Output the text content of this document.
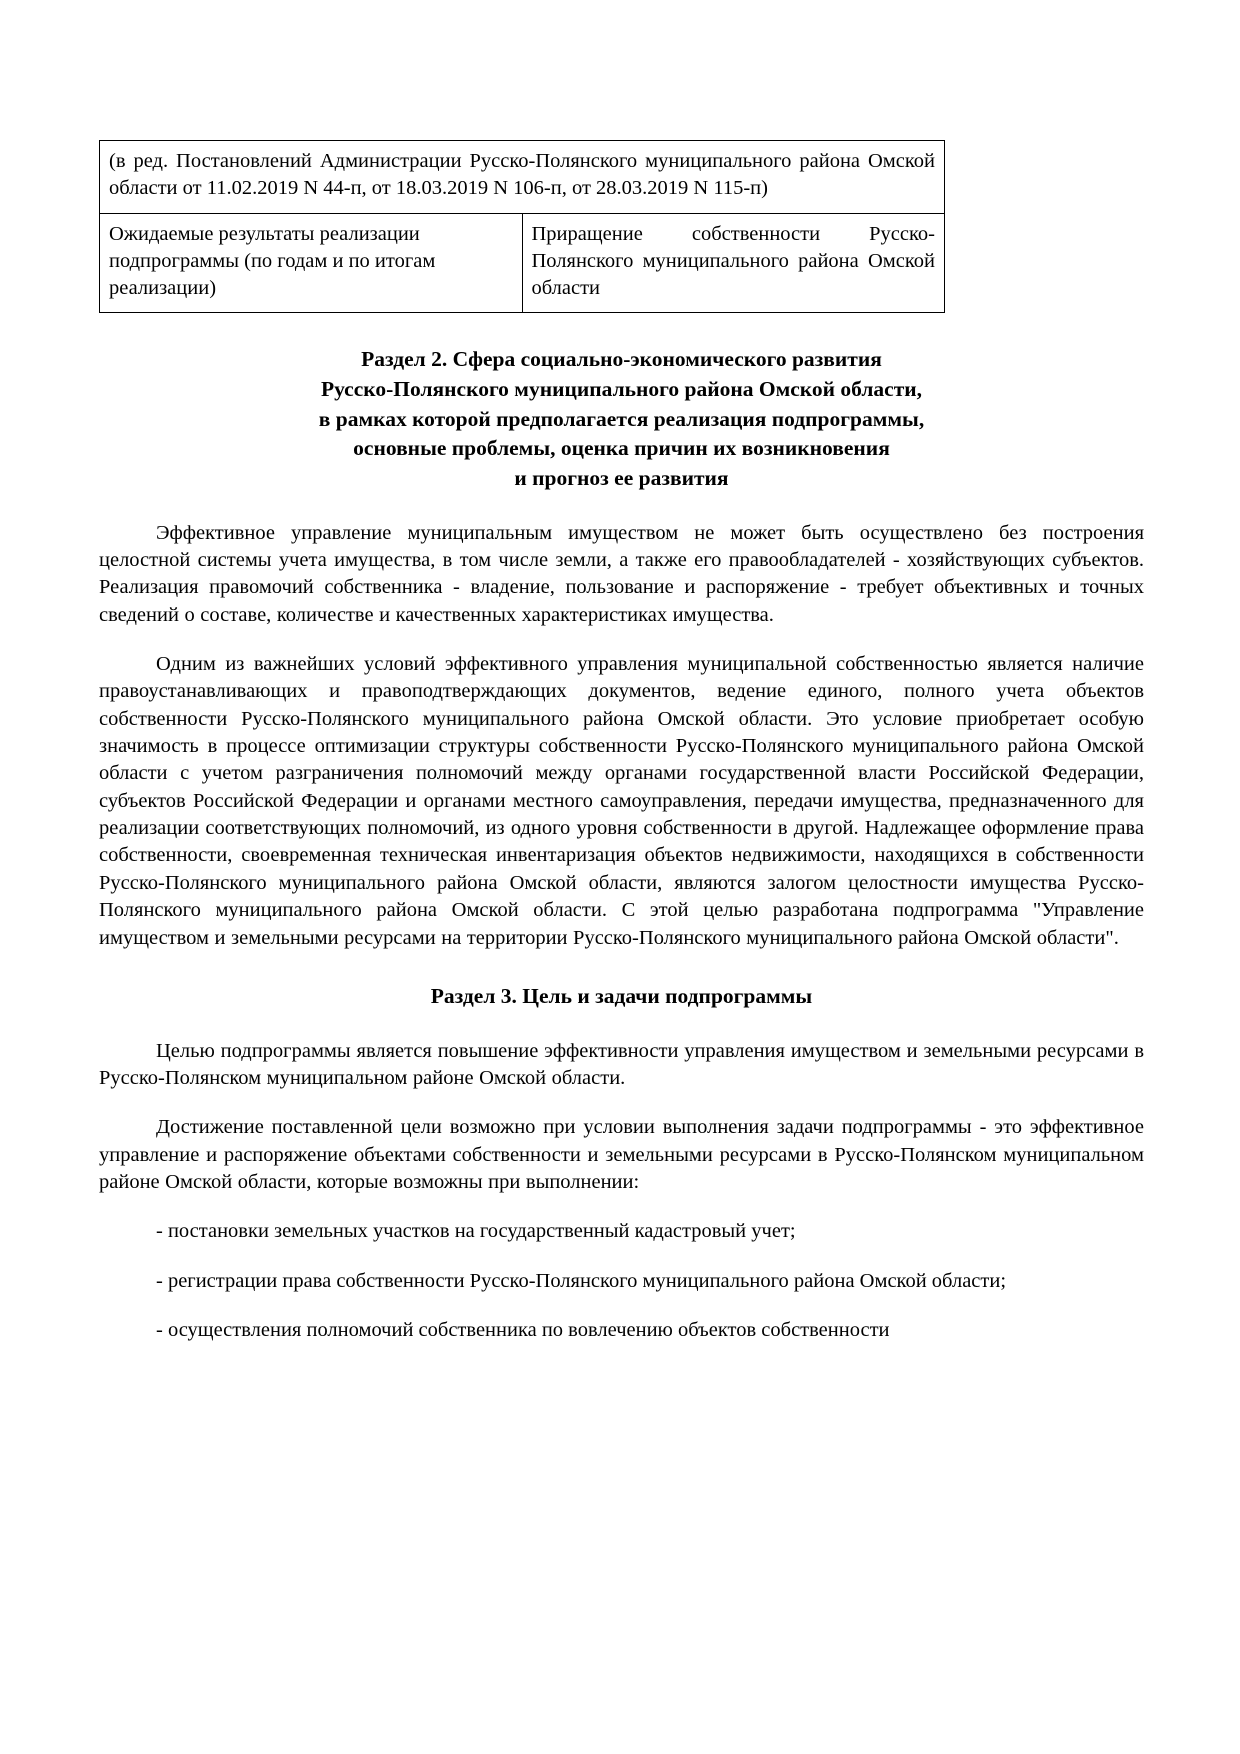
(в ред. Постановлений Администрации Русско-Полянского муниципального района Омской области от 11.02.2019 N 44-п, от 18.03.2019 N 106-п, от 28.03.2019 N 115-п)
Ожидаемые результаты реализации подпрограммы (по годам и по итогам реализации)	Приращение собственности Русско-Полянского муниципального района Омской области
Раздел 2. Сфера социально-экономического развития
Русско-Полянского муниципального района Омской области,
в рамках которой предполагается реализация подпрограммы,
основные проблемы, оценка причин их возникновения
и прогноз ее развития

Эффективное управление муниципальным имуществом не может быть осуществлено без построения целостной системы учета имущества, в том числе земли, а также его правообладателей - хозяйствующих субъектов. Реализация правомочий собственника - владение, пользование и распоряжение - требует объективных и точных сведений о составе, количестве и качественных характеристиках имущества.

Одним из важнейших условий эффективного управления муниципальной собственностью является наличие правоустанавливающих и правоподтверждающих документов, ведение единого, полного учета объектов собственности Русско-Полянского муниципального района Омской области. Это условие приобретает особую значимость в процессе оптимизации структуры собственности Русско-Полянского муниципального района Омской области с учетом разграничения полномочий между органами государственной власти Российской Федерации, субъектов Российской Федерации и органами местного самоуправления, передачи имущества, предназначенного для реализации соответствующих полномочий, из одного уровня собственности в другой. Надлежащее оформление права собственности, своевременная техническая инвентаризация объектов недвижимости, находящихся в собственности Русско-Полянского муниципального района Омской области, являются залогом целостности имущества Русско-Полянского муниципального района Омской области. С этой целью разработана подпрограмма "Управление имуществом и земельными ресурсами на территории Русско-Полянского муниципального района Омской области".

Раздел 3. Цель и задачи подпрограммы

Целью подпрограммы является повышение эффективности управления имуществом и земельными ресурсами в Русско-Полянском муниципальном районе Омской области.

Достижение поставленной цели возможно при условии выполнения задачи подпрограммы - это эффективное управление и распоряжение объектами собственности и земельными ресурсами в Русско-Полянском муниципальном районе Омской области, которые возможны при выполнении:

- постановки земельных участков на государственный кадастровый учет;

- регистрации права собственности Русско-Полянского муниципального района Омской области;

- осуществления полномочий собственника по вовлечению объектов собственности
